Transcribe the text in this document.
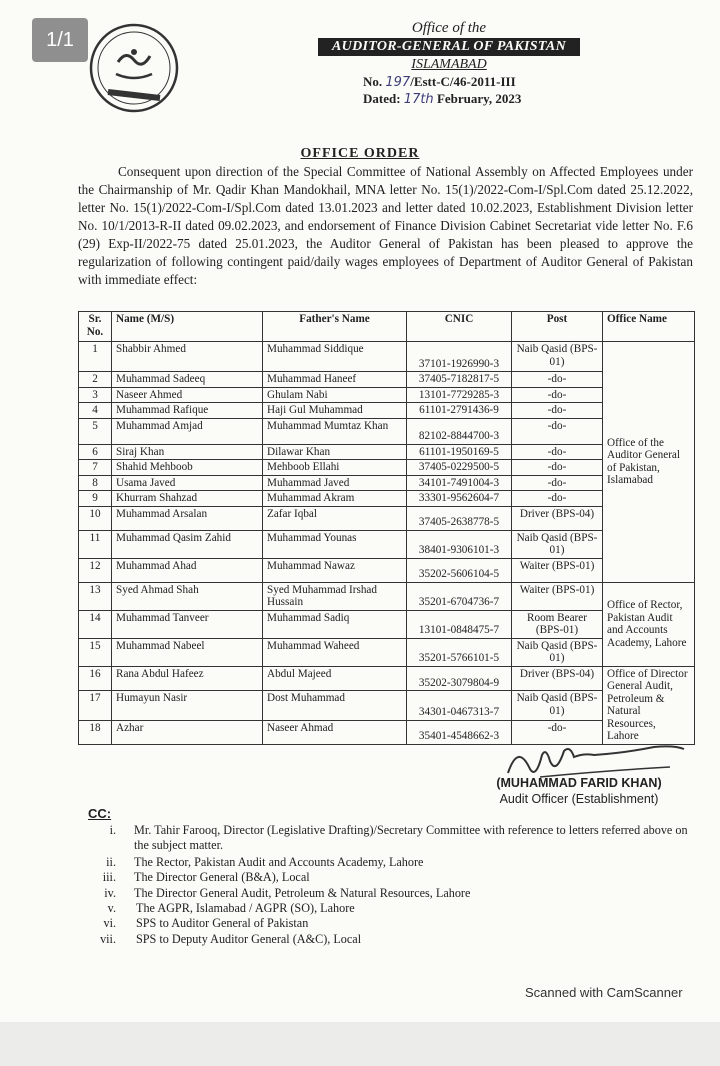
1/1
Office of the
AUDITOR-GENERAL OF PAKISTAN
ISLAMABAD
No. 197/Estt-C/46-2011-III
Dated: 17th February, 2023
OFFICE ORDER
Consequent upon direction of the Special Committee of National Assembly on Affected Employees under the Chairmanship of Mr. Qadir Khan Mandokhail, MNA letter No. 15(1)/2022-Com-I/Spl.Com dated 25.12.2022, letter No. 15(1)/2022-Com-I/Spl.Com dated 13.01.2023 and letter dated 10.02.2023, Establishment Division letter No. 10/1/2013-R-II dated 09.02.2023, and endorsement of Finance Division Cabinet Secretariat vide letter No. F.6 (29) Exp-II/2022-75 dated 25.01.2023, the Auditor General of Pakistan has been pleased to approve the regularization of following contingent paid/daily wages employees of Department of Auditor General of Pakistan with immediate effect:
Sr. No.	Name (M/S)	Father's Name	CNIC	Post	Office Name
1	Shabbir Ahmed	Muhammad Siddique	37101-1926990-3	Naib Qasid (BPS-01)	Office of the Auditor General of Pakistan, Islamabad
2	Muhammad Sadeeq	Muhammad Haneef	37405-7182817-5	-do-	
3	Naseer Ahmed	Ghulam Nabi	13101-7729285-3	-do-	
4	Muhammad Rafique	Haji Gul Muhammad	61101-2791436-9	-do-	
5	Muhammad Amjad	Muhammad Mumtaz Khan	82102-8844700-3	-do-	
6	Siraj Khan	Dilawar Khan	61101-1950169-5	-do-	
7	Shahid Mehboob	Mehboob Ellahi	37405-0229500-5	-do-	
8	Usama Javed	Muhammad Javed	34101-7491004-3	-do-	
9	Khurram Shahzad	Muhammad Akram	33301-9562604-7	-do-	
10	Muhammad Arsalan	Zafar Iqbal	37405-2638778-5	Driver (BPS-04)	
11	Muhammad Qasim Zahid	Muhammad Younas	38401-9306101-3	Naib Qasid (BPS-01)	
12	Muhammad Ahad	Muhammad Nawaz	35202-5606104-5	Waiter (BPS-01)	
13	Syed Ahmad Shah	Syed Muhammad Irshad Hussain	35201-6704736-7	Waiter (BPS-01)	Office of Rector, Pakistan Audit and Accounts Academy, Lahore
14	Muhammad Tanveer	Muhammad Sadiq	13101-0848475-7	Room Bearer (BPS-01)	
15	Muhammad Nabeel	Muhammad Waheed	35201-5766101-5	Naib Qasid (BPS-01)	
16	Rana Abdul Hafeez	Abdul Majeed	35202-3079804-9	Driver (BPS-04)	Office of Director General Audit, Petroleum & Natural Resources, Lahore
17	Humayun Nasir	Dost Muhammad	34301-0467313-7	Naib Qasid (BPS-01)	
18	Azhar	Naseer Ahmad	35401-4548662-3	-do-	
(MUHAMMAD FARID KHAN)
Audit Officer (Establishment)
CC:
i. Mr. Tahir Farooq, Director (Legislative Drafting)/Secretary Committee with reference to letters referred above on the subject matter.
ii. The Rector, Pakistan Audit and Accounts Academy, Lahore
iii. The Director General (B&A), Local
iv. The Director General Audit, Petroleum & Natural Resources, Lahore
v. The AGPR, Islamabad / AGPR (SO), Lahore
vi. SPS to Auditor General of Pakistan
vii. SPS to Deputy Auditor General (A&C), Local
Scanned with CamScanner
